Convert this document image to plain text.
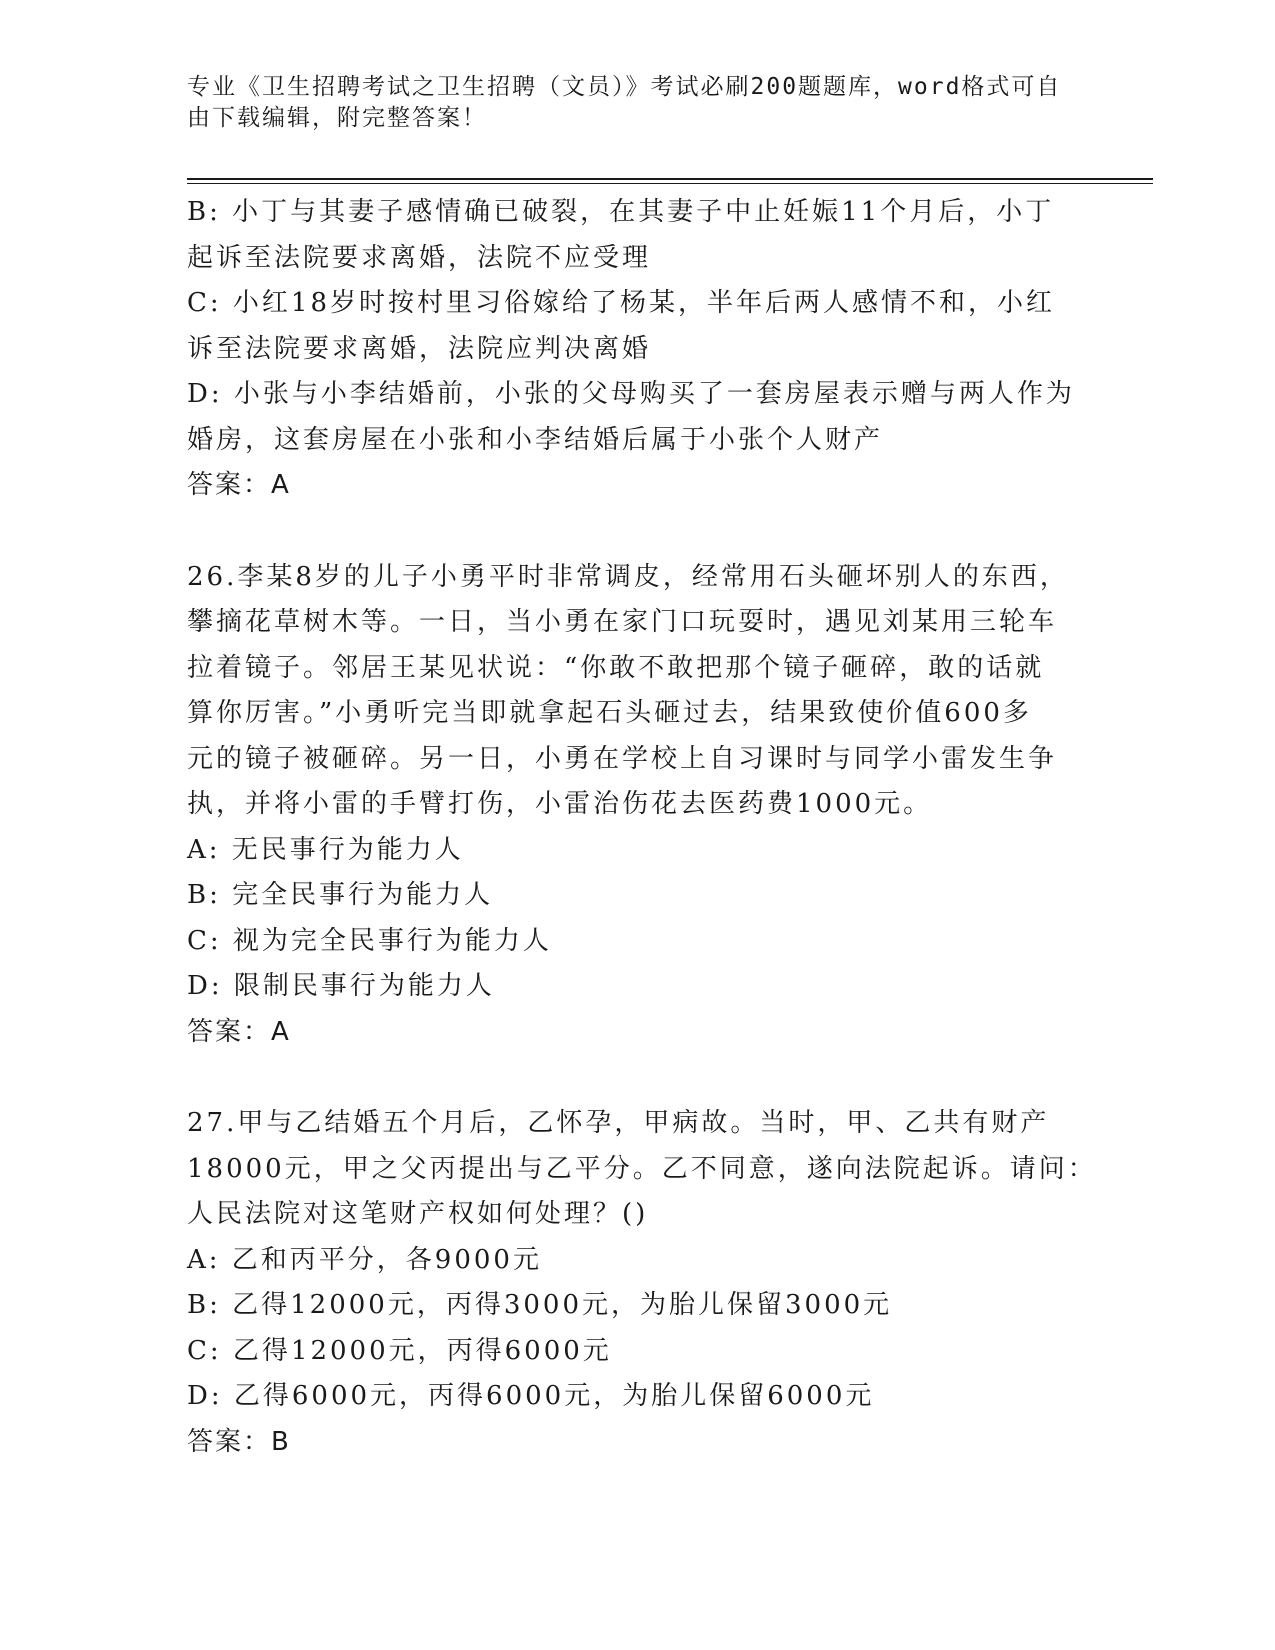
专业《卫生招聘考试之卫生招聘（文员）》考试必刷200题题库，word格式可自
由下载编辑，附完整答案！
B: 小丁与其妻子感情确已破裂，在其妻子中止妊娠11个月后，小丁
起诉至法院要求离婚，法院不应受理
C: 小红18岁时按村里习俗嫁给了杨某，半年后两人感情不和，小红
诉至法院要求离婚，法院应判决离婚
D: 小张与小李结婚前，小张的父母购买了一套房屋表示赠与两人作为
婚房，这套房屋在小张和小李结婚后属于小张个人财产
答案：A
26.李某8岁的儿子小勇平时非常调皮，经常用石头砸坏别人的东西，
攀摘花草树木等。一日，当小勇在家门口玩耍时，遇见刘某用三轮车
拉着镜子。邻居王某见状说：“你敢不敢把那个镜子砸碎，敢的话就
算你厉害。”小勇听完当即就拿起石头砸过去，结果致使价值600多
元的镜子被砸碎。另一日，小勇在学校上自习课时与同学小雷发生争
执，并将小雷的手臂打伤，小雷治伤花去医药费1000元。
A: 无民事行为能力人
B: 完全民事行为能力人
C: 视为完全民事行为能力人
D: 限制民事行为能力人
答案：A
27.甲与乙结婚五个月后，乙怀孕，甲病故。当时，甲、乙共有财产
18000元，甲之父丙提出与乙平分。乙不同意，遂向法院起诉。请问：
人民法院对这笔财产权如何处理？()
A: 乙和丙平分，各9000元
B: 乙得12000元，丙得3000元，为胎儿保留3000元
C: 乙得12000元，丙得6000元
D: 乙得6000元，丙得6000元，为胎儿保留6000元
答案：B
